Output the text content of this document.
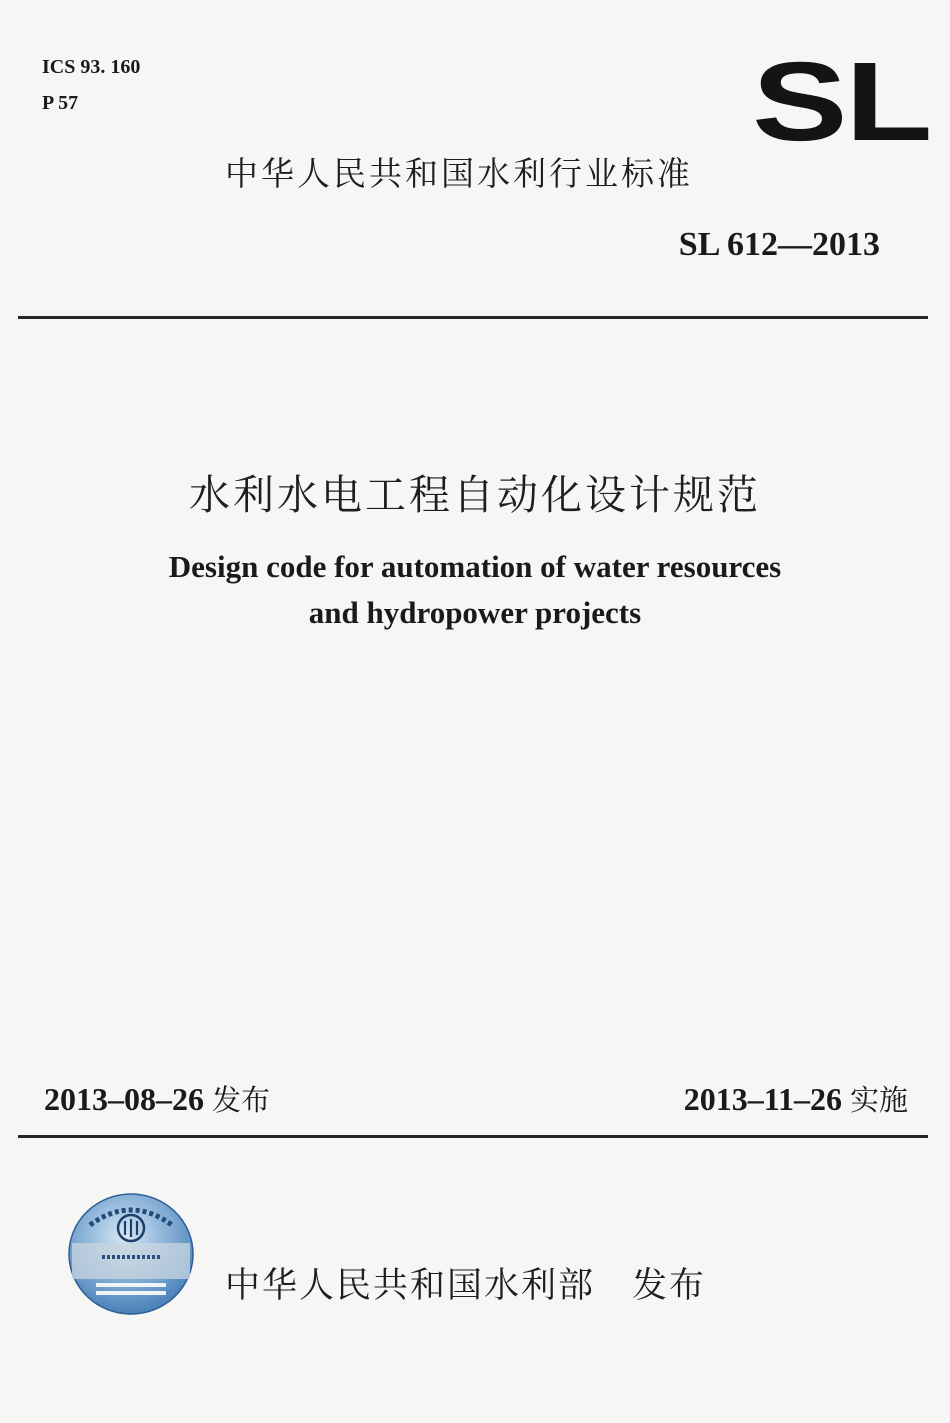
ICS 93. 160
P 57	SL
中华人民共和国水利行业标准
SL 612—2013
水利水电工程自动化设计规范
Design code for automation of water resources
and hydropower projects
2013–08–26 发布	2013–11–26 实施
中华人民共和国水利部　发布
